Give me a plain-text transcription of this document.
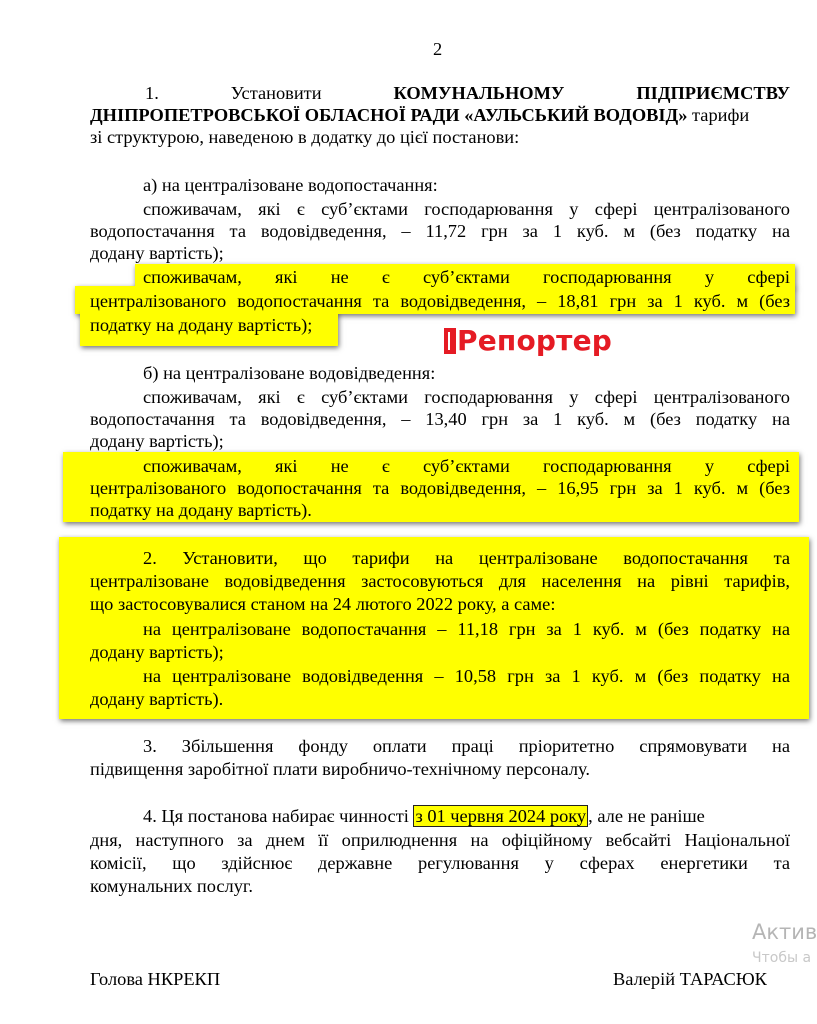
2
1.	Установити	КОМУНАЛЬНОМУ	ПІДПРИЄМСТВУ
ДНІПРОПЕТРОВСЬКОЇ ОБЛАСНОЇ РАДИ «АУЛЬСЬКИЙ ВОДОВІД» тарифи
зі структурою, наведеною в додатку до цієї постанови:
а) на централізоване водопостачання:
споживачам, які є суб’єктами господарювання у сфері централізованого
водопостачання та водовідведення, – 11,72 грн за 1 куб. м (без податку на
додану вартість);
споживачам, які не є суб’єктами господарювання у сфері
централізованого водопостачання та водовідведення, – 18,81 грн за 1 куб. м (без
податку на додану вартість);	Репортер
б) на централізоване водовідведення:
споживачам, які є суб’єктами господарювання у сфері централізованого
водопостачання та водовідведення, – 13,40 грн за 1 куб. м (без податку на
додану вартість);
споживачам, які не є суб’єктами господарювання у сфері
централізованого водопостачання та водовідведення, – 16,95 грн за 1 куб. м (без
податку на додану вартість).
2. Установити, що тарифи на централізоване водопостачання та
централізоване водовідведення застосовуються для населення на рівні тарифів,
що застосовувалися станом на 24 лютого 2022 року, а саме:
на централізоване водопостачання – 11,18 грн за 1 куб. м (без податку на
додану вартість);
на централізоване водовідведення – 10,58 грн за 1 куб. м (без податку на
додану вартість).
3. Збільшення фонду оплати праці пріоритетно спрямовувати на
підвищення заробітної плати виробничо-технічному персоналу.
4. Ця постанова набирає чинності з 01 червня 2024 року , але не раніше
дня, наступного за днем її оприлюднення на офіційному вебсайті Національної
комісії, що здійснює державне регулювання у сферах енергетики та
комунальних послуг.
Актив
Чтобы а
Голова НКРЕКП	Валерій ТАРАСЮК
